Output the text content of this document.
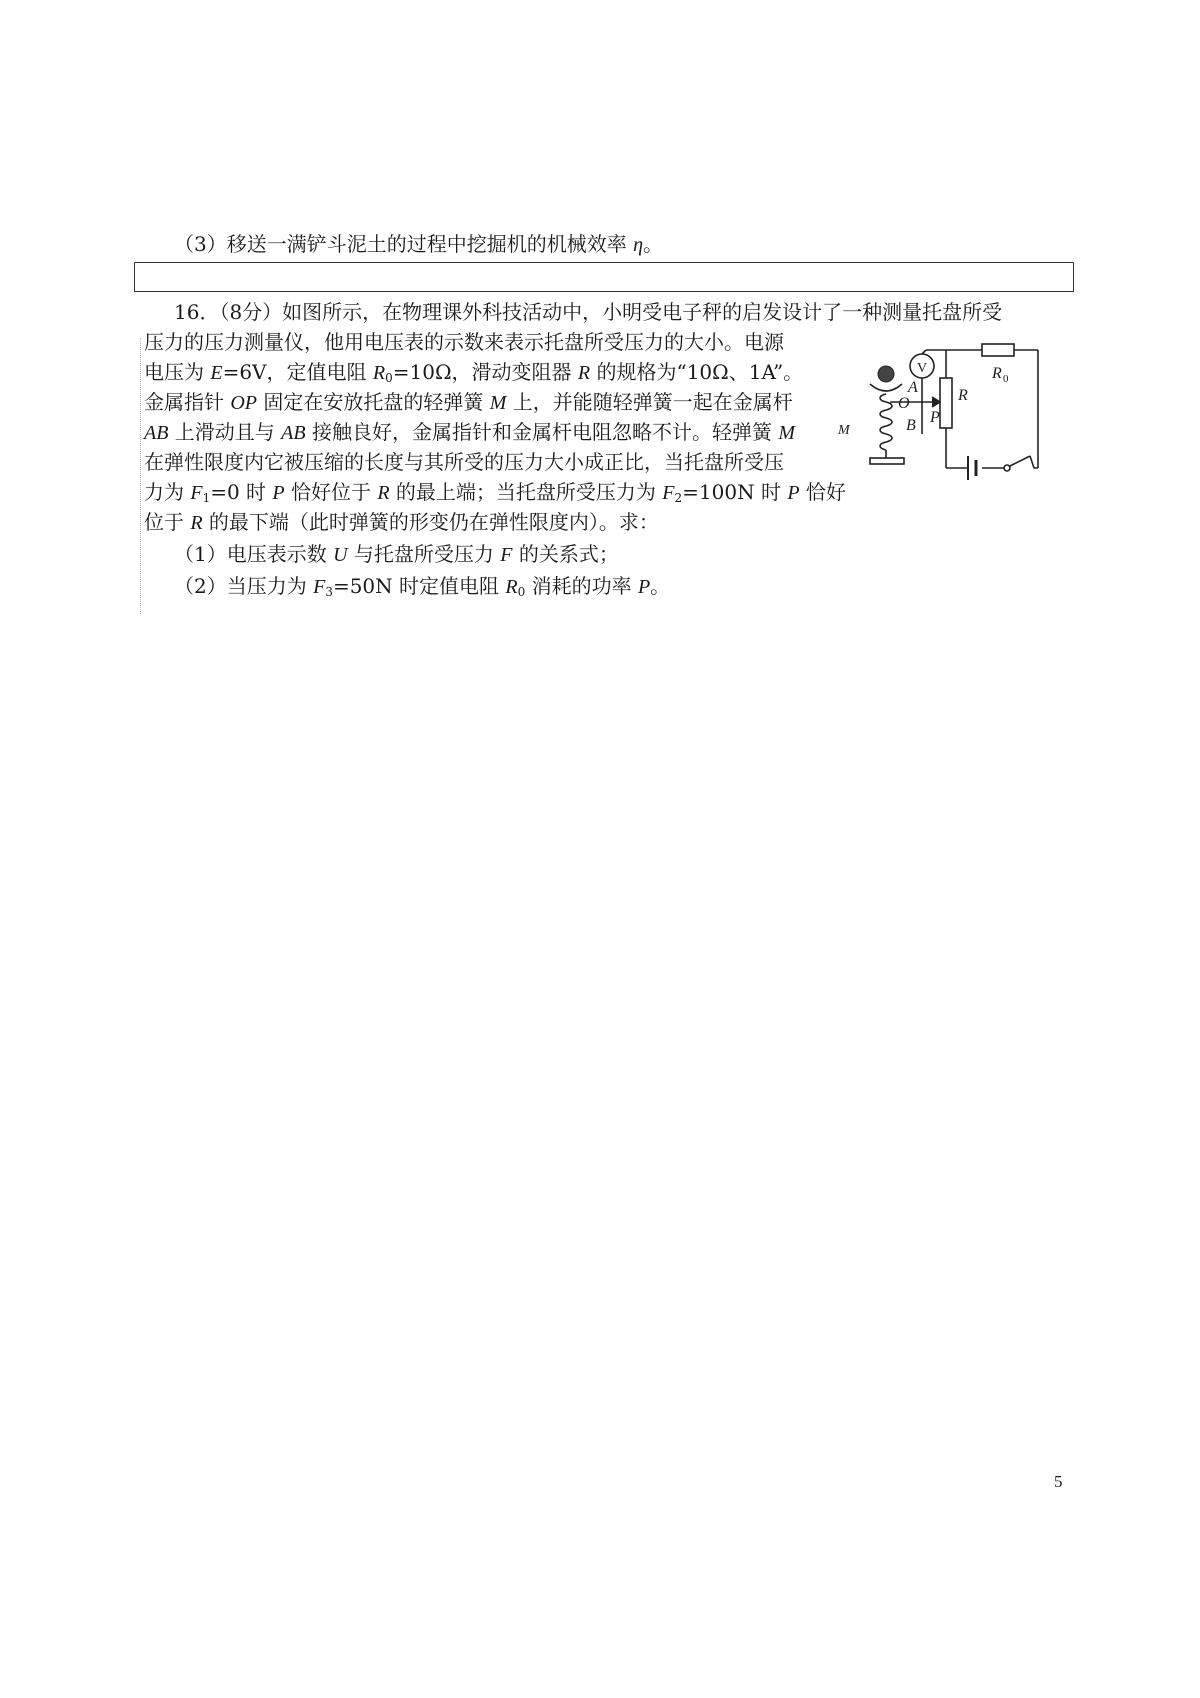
（3）移送一满铲斗泥土的过程中挖掘机的机械效率 η。
16．（8分）如图所示，在物理课外科技活动中，小明受电子秤的启发设计了一种测量托盘所受
压力的压力测量仪，他用电压表的示数来表示托盘所受压力的大小。电源
电压为 E=6V，定值电阻 $R_0=10\Omega$，滑动变阻器 R 的规格为“10Ω、1A”。
金属指针 OP 固定在安放托盘的轻弹簧 M 上，并能随轻弹簧一起在金属杆
AB 上滑动且与 AB 接触良好，金属指针和金属杆电阻忽略不计。轻弹簧 M
在弹性限度内它被压缩的长度与其所受的压力大小成正比，当托盘所受压
力为 $F_1=0$ 时 P 恰好位于 R 的最上端；当托盘所受压力为 $F_2=100N$ 时 P 恰好
位于 R 的最下端（此时弹簧的形变仍在弹性限度内）。求：
（1）电压表示数 U 与托盘所受压力 F 的关系式；
（2）当压力为 $F_3=50N$ 时定值电阻 $R_0$ 消耗的功率 P。
V	R 0
R
A
O
B P
M
5
